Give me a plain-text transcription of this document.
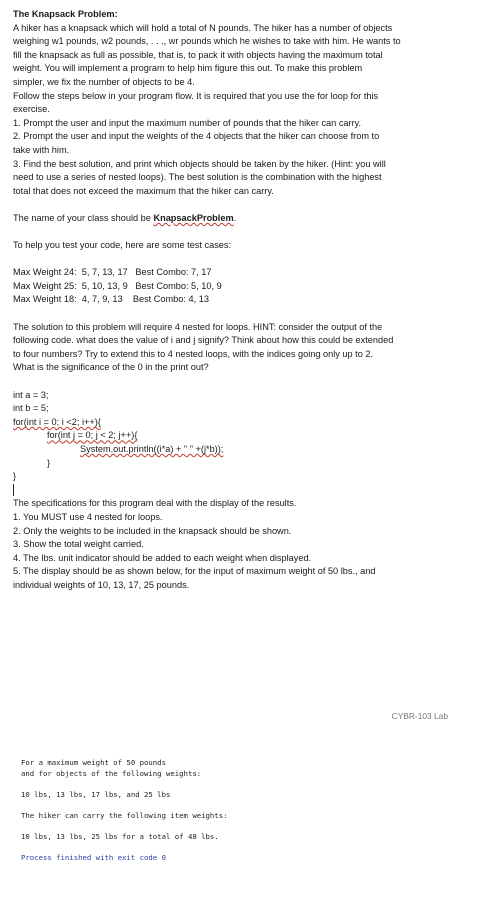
The Knapsack Problem:
A hiker has a knapsack which will hold a total of N pounds. The hiker has a number of objects
weighing w1 pounds, w2 pounds, . . ., wr pounds which he wishes to take with him. He wants to
fill the knapsack as full as possible, that is, to pack it with objects having the maximum total
weight. You will implement a program to help him figure this out. To make this problem
simpler, we fix the number of objects to be 4.
Follow the steps below in your program flow. It is required that you use the for loop for this
exercise.
1. Prompt the user and input the maximum number of pounds that the hiker can carry.
2. Prompt the user and input the weights of the 4 objects that the hiker can choose from to
take with him.
3. Find the best solution, and print which objects should be taken by the hiker. (Hint: you will
need to use a series of nested loops). The best solution is the combination with the highest
total that does not exceed the maximum that the hiker can carry.
The name of your class should be KnapsackProblem.
To help you test your code, here are some test cases:
Max Weight 24:  5, 7, 13, 17   Best Combo: 7, 17
Max Weight 25:  5, 10, 13, 9   Best Combo: 5, 10, 9
Max Weight 18:  4, 7, 9, 13    Best Combo: 4, 13
The solution to this problem will require 4 nested for loops. HINT: consider the output of the
following code. what does the value of i and j signify? Think about how this could be extended
to four numbers? Try to extend this to 4 nested loops, with the indices going only up to 2.
What is the significance of the 0 in the print out?
int a = 3;
int b = 5;
for(int i = 0; i <2; i++){
for(int j = 0; j < 2; j++){
System.out.println((i*a) + " " +(j*b));
}
}
The specifications for this program deal with the display of the results.
1. You MUST use 4 nested for loops.
2. Only the weights to be included in the knapsack should be shown.
3. Show the total weight carried.
4. The lbs. unit indicator should be added to each weight when displayed.
5. The display should be as shown below, for the input of maximum weight of 50 lbs., and
individual weights of 10, 13, 17, 25 pounds.
CYBR-103 Lab
For a maximum weight of 50 pounds
and for objects of the following weights:
10 lbs, 13 lbs, 17 lbs, and 25 lbs
The hiker can carry the following item weights:
10 lbs, 13 lbs, 25 lbs for a total of 48 lbs.
Process finished with exit code 0
